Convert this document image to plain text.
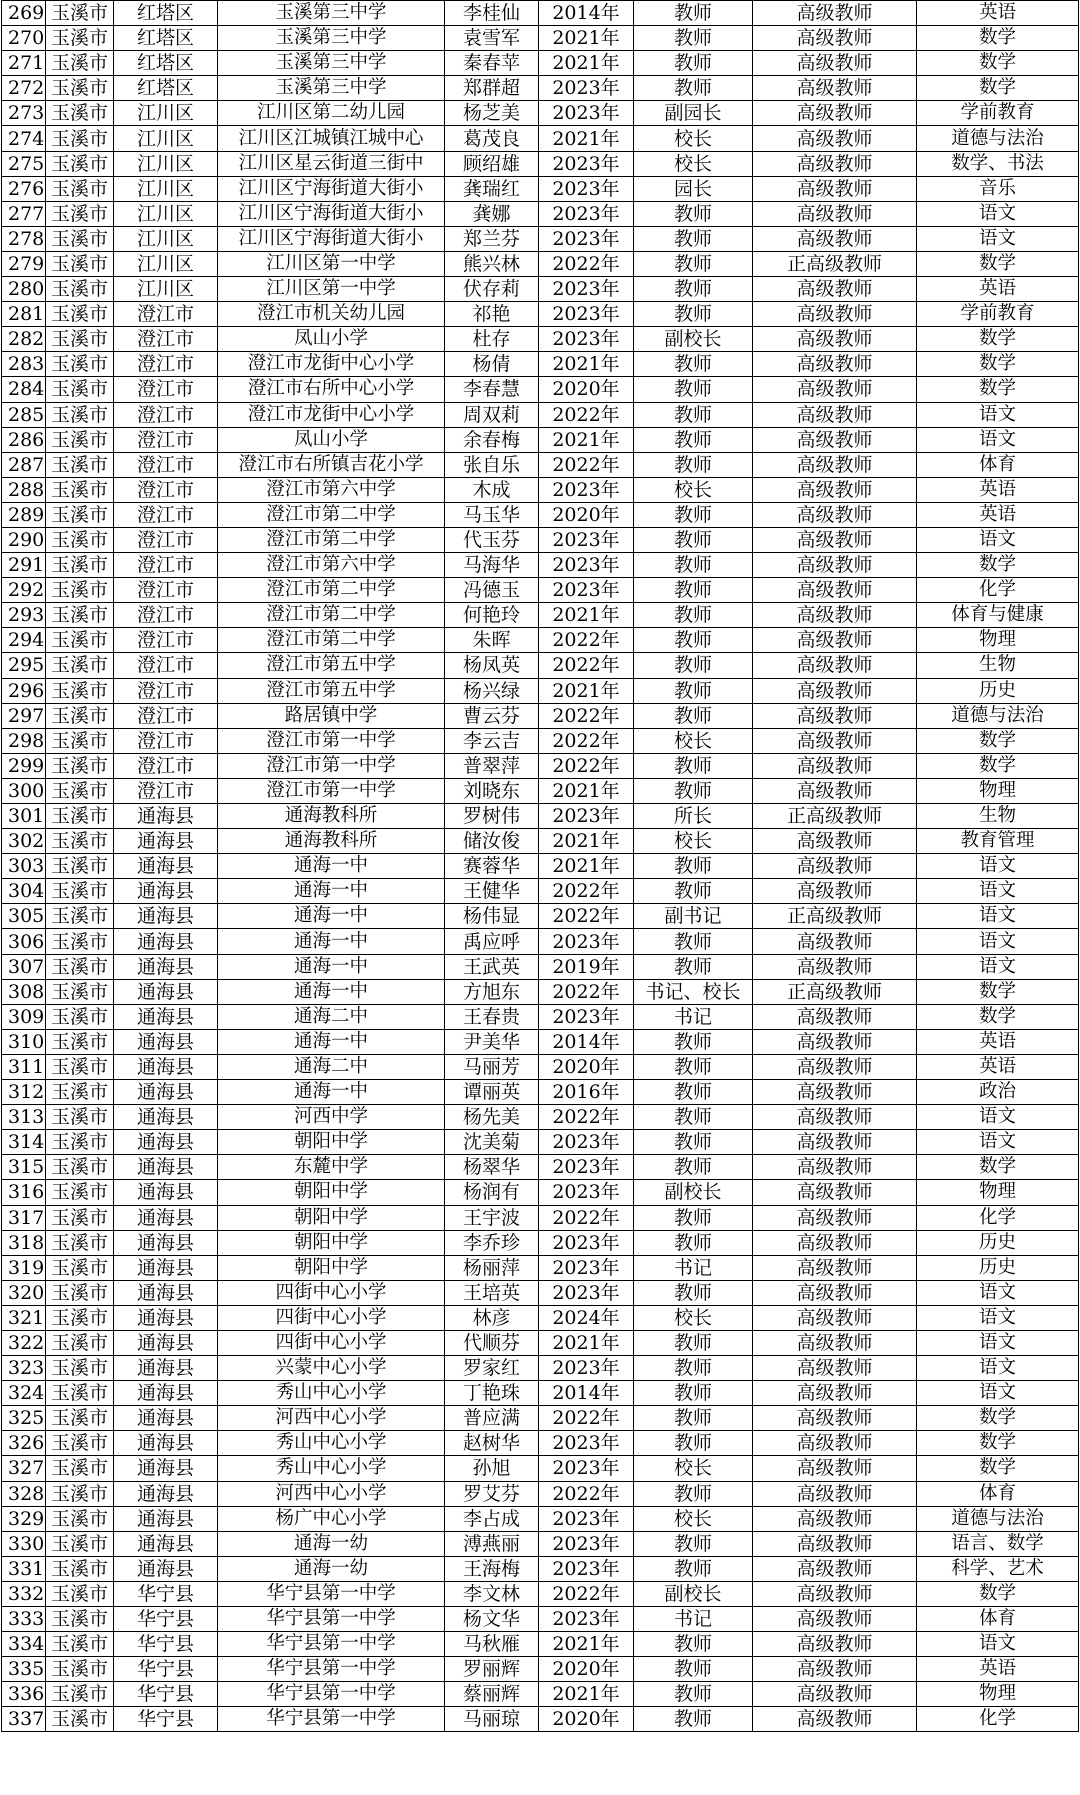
269	玉溪市	红塔区	玉溪第三中学	李桂仙	2014年	教师	高级教师	英语
270	玉溪市	红塔区	玉溪第三中学	袁雪军	2021年	教师	高级教师	数学
271	玉溪市	红塔区	玉溪第三中学	秦春苹	2021年	教师	高级教师	数学
272	玉溪市	红塔区	玉溪第三中学	郑群超	2023年	教师	高级教师	数学
273	玉溪市	江川区	江川区第二幼儿园	杨芝美	2023年	副园长	高级教师	学前教育
274	玉溪市	江川区	江川区江城镇江城中心	葛茂良	2021年	校长	高级教师	道德与法治
275	玉溪市	江川区	江川区星云街道三街中	顾绍雄	2023年	校长	高级教师	数学、书法
276	玉溪市	江川区	江川区宁海街道大街小	龚瑞红	2023年	园长	高级教师	音乐
277	玉溪市	江川区	江川区宁海街道大街小	龚娜	2023年	教师	高级教师	语文
278	玉溪市	江川区	江川区宁海街道大街小	郑兰芬	2023年	教师	高级教师	语文
279	玉溪市	江川区	江川区第一中学	熊兴林	2022年	教师	正高级教师	数学
280	玉溪市	江川区	江川区第一中学	伏存莉	2023年	教师	高级教师	英语
281	玉溪市	澄江市	澄江市机关幼儿园	祁艳	2023年	教师	高级教师	学前教育
282	玉溪市	澄江市	凤山小学	杜存	2023年	副校长	高级教师	数学
283	玉溪市	澄江市	澄江市龙街中心小学	杨倩	2021年	教师	高级教师	数学
284	玉溪市	澄江市	澄江市右所中心小学	李春慧	2020年	教师	高级教师	数学
285	玉溪市	澄江市	澄江市龙街中心小学	周双莉	2022年	教师	高级教师	语文
286	玉溪市	澄江市	凤山小学	余春梅	2021年	教师	高级教师	语文
287	玉溪市	澄江市	澄江市右所镇吉花小学	张自乐	2022年	教师	高级教师	体育
288	玉溪市	澄江市	澄江市第六中学	木成	2023年	校长	高级教师	英语
289	玉溪市	澄江市	澄江市第二中学	马玉华	2020年	教师	高级教师	英语
290	玉溪市	澄江市	澄江市第二中学	代玉芬	2023年	教师	高级教师	语文
291	玉溪市	澄江市	澄江市第六中学	马海华	2023年	教师	高级教师	数学
292	玉溪市	澄江市	澄江市第二中学	冯德玉	2023年	教师	高级教师	化学
293	玉溪市	澄江市	澄江市第二中学	何艳玲	2021年	教师	高级教师	体育与健康
294	玉溪市	澄江市	澄江市第二中学	朱晖	2022年	教师	高级教师	物理
295	玉溪市	澄江市	澄江市第五中学	杨凤英	2022年	教师	高级教师	生物
296	玉溪市	澄江市	澄江市第五中学	杨兴绿	2021年	教师	高级教师	历史
297	玉溪市	澄江市	路居镇中学	曹云芬	2022年	教师	高级教师	道德与法治
298	玉溪市	澄江市	澄江市第一中学	李云吉	2022年	校长	高级教师	数学
299	玉溪市	澄江市	澄江市第一中学	普翠萍	2022年	教师	高级教师	数学
300	玉溪市	澄江市	澄江市第一中学	刘晓东	2021年	教师	高级教师	物理
301	玉溪市	通海县	通海教科所	罗树伟	2023年	所长	正高级教师	生物
302	玉溪市	通海县	通海教科所	储汝俊	2021年	校长	高级教师	教育管理
303	玉溪市	通海县	通海一中	赛蓉华	2021年	教师	高级教师	语文
304	玉溪市	通海县	通海一中	王健华	2022年	教师	高级教师	语文
305	玉溪市	通海县	通海一中	杨伟显	2022年	副书记	正高级教师	语文
306	玉溪市	通海县	通海一中	禹应呼	2023年	教师	高级教师	语文
307	玉溪市	通海县	通海一中	王武英	2019年	教师	高级教师	语文
308	玉溪市	通海县	通海一中	方旭东	2022年	书记、校长	正高级教师	数学
309	玉溪市	通海县	通海二中	王春贵	2023年	书记	高级教师	数学
310	玉溪市	通海县	通海一中	尹美华	2014年	教师	高级教师	英语
311	玉溪市	通海县	通海二中	马丽芳	2020年	教师	高级教师	英语
312	玉溪市	通海县	通海一中	谭丽英	2016年	教师	高级教师	政治
313	玉溪市	通海县	河西中学	杨先美	2022年	教师	高级教师	语文
314	玉溪市	通海县	朝阳中学	沈美菊	2023年	教师	高级教师	语文
315	玉溪市	通海县	东麓中学	杨翠华	2023年	教师	高级教师	数学
316	玉溪市	通海县	朝阳中学	杨润有	2023年	副校长	高级教师	物理
317	玉溪市	通海县	朝阳中学	王宇波	2022年	教师	高级教师	化学
318	玉溪市	通海县	朝阳中学	李乔珍	2023年	教师	高级教师	历史
319	玉溪市	通海县	朝阳中学	杨丽萍	2023年	书记	高级教师	历史
320	玉溪市	通海县	四街中心小学	王培英	2023年	教师	高级教师	语文
321	玉溪市	通海县	四街中心小学	林彦	2024年	校长	高级教师	语文
322	玉溪市	通海县	四街中心小学	代顺芬	2021年	教师	高级教师	语文
323	玉溪市	通海县	兴蒙中心小学	罗家红	2023年	教师	高级教师	语文
324	玉溪市	通海县	秀山中心小学	丁艳珠	2014年	教师	高级教师	语文
325	玉溪市	通海县	河西中心小学	普应满	2022年	教师	高级教师	数学
326	玉溪市	通海县	秀山中心小学	赵树华	2023年	教师	高级教师	数学
327	玉溪市	通海县	秀山中心小学	孙旭	2023年	校长	高级教师	数学
328	玉溪市	通海县	河西中心小学	罗艾芬	2022年	教师	高级教师	体育
329	玉溪市	通海县	杨广中心小学	李占成	2023年	校长	高级教师	道德与法治
330	玉溪市	通海县	通海一幼	溥燕丽	2023年	教师	高级教师	语言、数学
331	玉溪市	通海县	通海一幼	王海梅	2023年	教师	高级教师	科学、艺术
332	玉溪市	华宁县	华宁县第一中学	李文林	2022年	副校长	高级教师	数学
333	玉溪市	华宁县	华宁县第一中学	杨文华	2023年	书记	高级教师	体育
334	玉溪市	华宁县	华宁县第一中学	马秋雁	2021年	教师	高级教师	语文
335	玉溪市	华宁县	华宁县第一中学	罗丽辉	2020年	教师	高级教师	英语
336	玉溪市	华宁县	华宁县第一中学	蔡丽辉	2021年	教师	高级教师	物理
337	玉溪市	华宁县	华宁县第一中学	马丽琼	2020年	教师	高级教师	化学
